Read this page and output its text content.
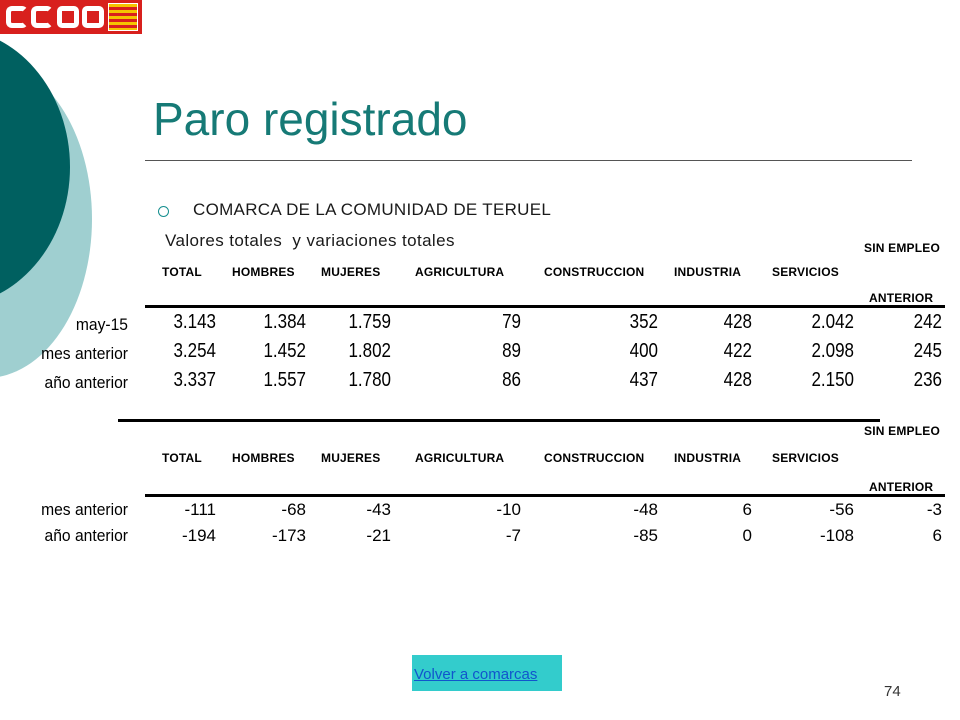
Paro registrado
COMARCA DE LA COMUNIDAD DE TERUEL
Valores totales  y variaciones totales
TOTAL	HOMBRES MUJERES	AGRICULTURA	CONSTRUCCION INDUSTRIA	SERVICIOS
SIN EMPLEO
ANTERIOR
may-15	3.143	1.384	1.759	79	352	428	2.042	242
mes anterior	3.254	1.452	1.802	89	400	422	2.098	245
año anterior	3.337	1.557	1.780	86	437	428	2.150	236
TOTAL	HOMBRES MUJERES	AGRICULTURA	CONSTRUCCION INDUSTRIA	SERVICIOS
SIN EMPLEO
ANTERIOR
mes anterior	-111	-68	-43	-10	-48	6	-56	-3
año anterior	-194	-173	-21	-7	-85	0	-108	6
Volver a comarcas
74
